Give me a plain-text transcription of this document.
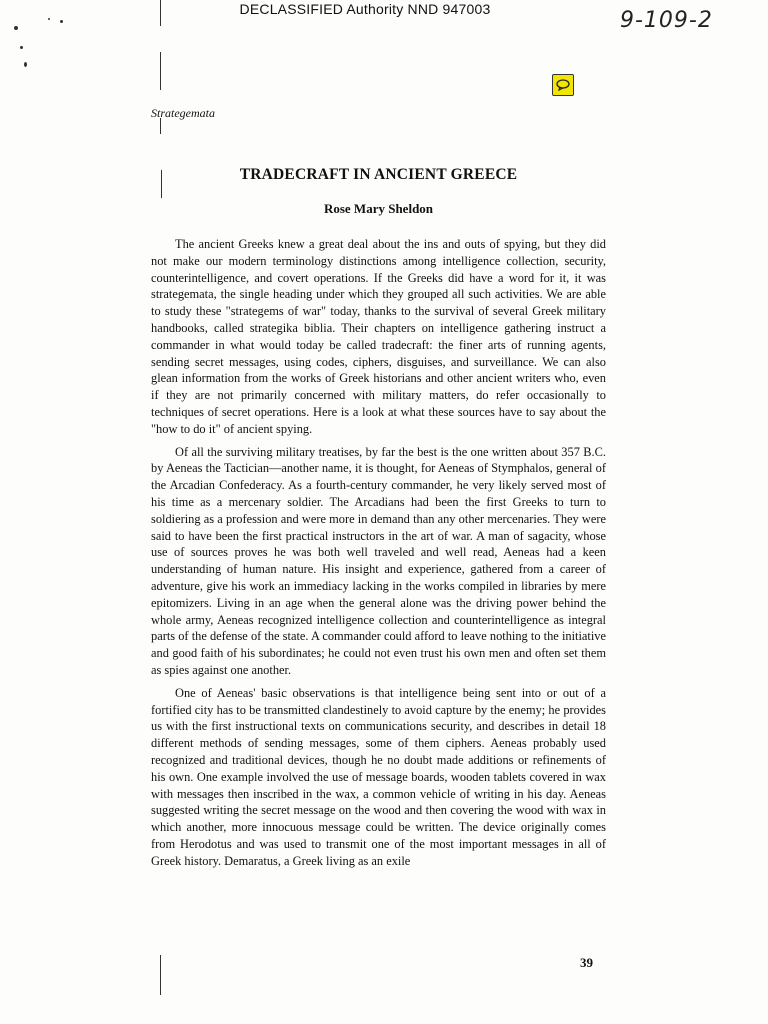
DECLASSIFIED Authority NND 947003	9-109-2
Strategemata
TRADECRAFT IN ANCIENT GREECE
Rose Mary Sheldon

The ancient Greeks knew a great deal about the ins and outs of spying, but they did not make our modern terminology distinctions among intelligence collection, security, counterintelligence, and covert operations. If the Greeks did have a word for it, it was strategemata, the single heading under which they grouped all such activities. We are able to study these "strategems of war" today, thanks to the survival of several Greek military handbooks, called strategika biblia. Their chapters on intelligence gathering instruct a commander in what would today be called tradecraft: the finer arts of running agents, sending secret messages, using codes, ciphers, disguises, and surveillance. We can also glean information from the works of Greek historians and other ancient writers who, even if they are not primarily concerned with military matters, do refer occasionally to techniques of secret operations. Here is a look at what these sources have to say about the "how to do it" of ancient spying.

Of all the surviving military treatises, by far the best is the one written about 357 B.C. by Aeneas the Tactician—another name, it is thought, for Aeneas of Stymphalos, general of the Arcadian Confederacy. As a fourth-century commander, he very likely served most of his time as a mercenary soldier. The Arcadians had been the first Greeks to turn to soldiering as a profession and were more in demand than any other mercenaries. They were said to have been the first practical instructors in the art of war. A man of sagacity, whose use of sources proves he was both well traveled and well read, Aeneas had a keen understanding of human nature. His insight and experience, gathered from a career of adventure, give his work an immediacy lacking in the works compiled in libraries by mere epitomizers. Living in an age when the general alone was the driving power behind the whole army, Aeneas recognized intelligence collection and counterintelligence as integral parts of the defense of the state. A commander could afford to leave nothing to the initiative and good faith of his subordinates; he could not even trust his own men and often set them as spies against one another.

One of Aeneas' basic observations is that intelligence being sent into or out of a fortified city has to be transmitted clandestinely to avoid capture by the enemy; he provides us with the first instructional texts on communications security, and describes in detail 18 different methods of sending messages, some of them ciphers. Aeneas probably used recognized and traditional devices, though he no doubt made additions or refinements of his own. One example involved the use of message boards, wooden tablets covered in wax with messages then inscribed in the wax, a common vehicle of writing in his day. Aeneas suggested writing the secret message on the wood and then covering the wood with wax in which another, more innocuous message could be written. The device originally comes from Herodotus and was used to transmit one of the most important messages in all of Greek history. Demaratus, a Greek living as an exile

39
